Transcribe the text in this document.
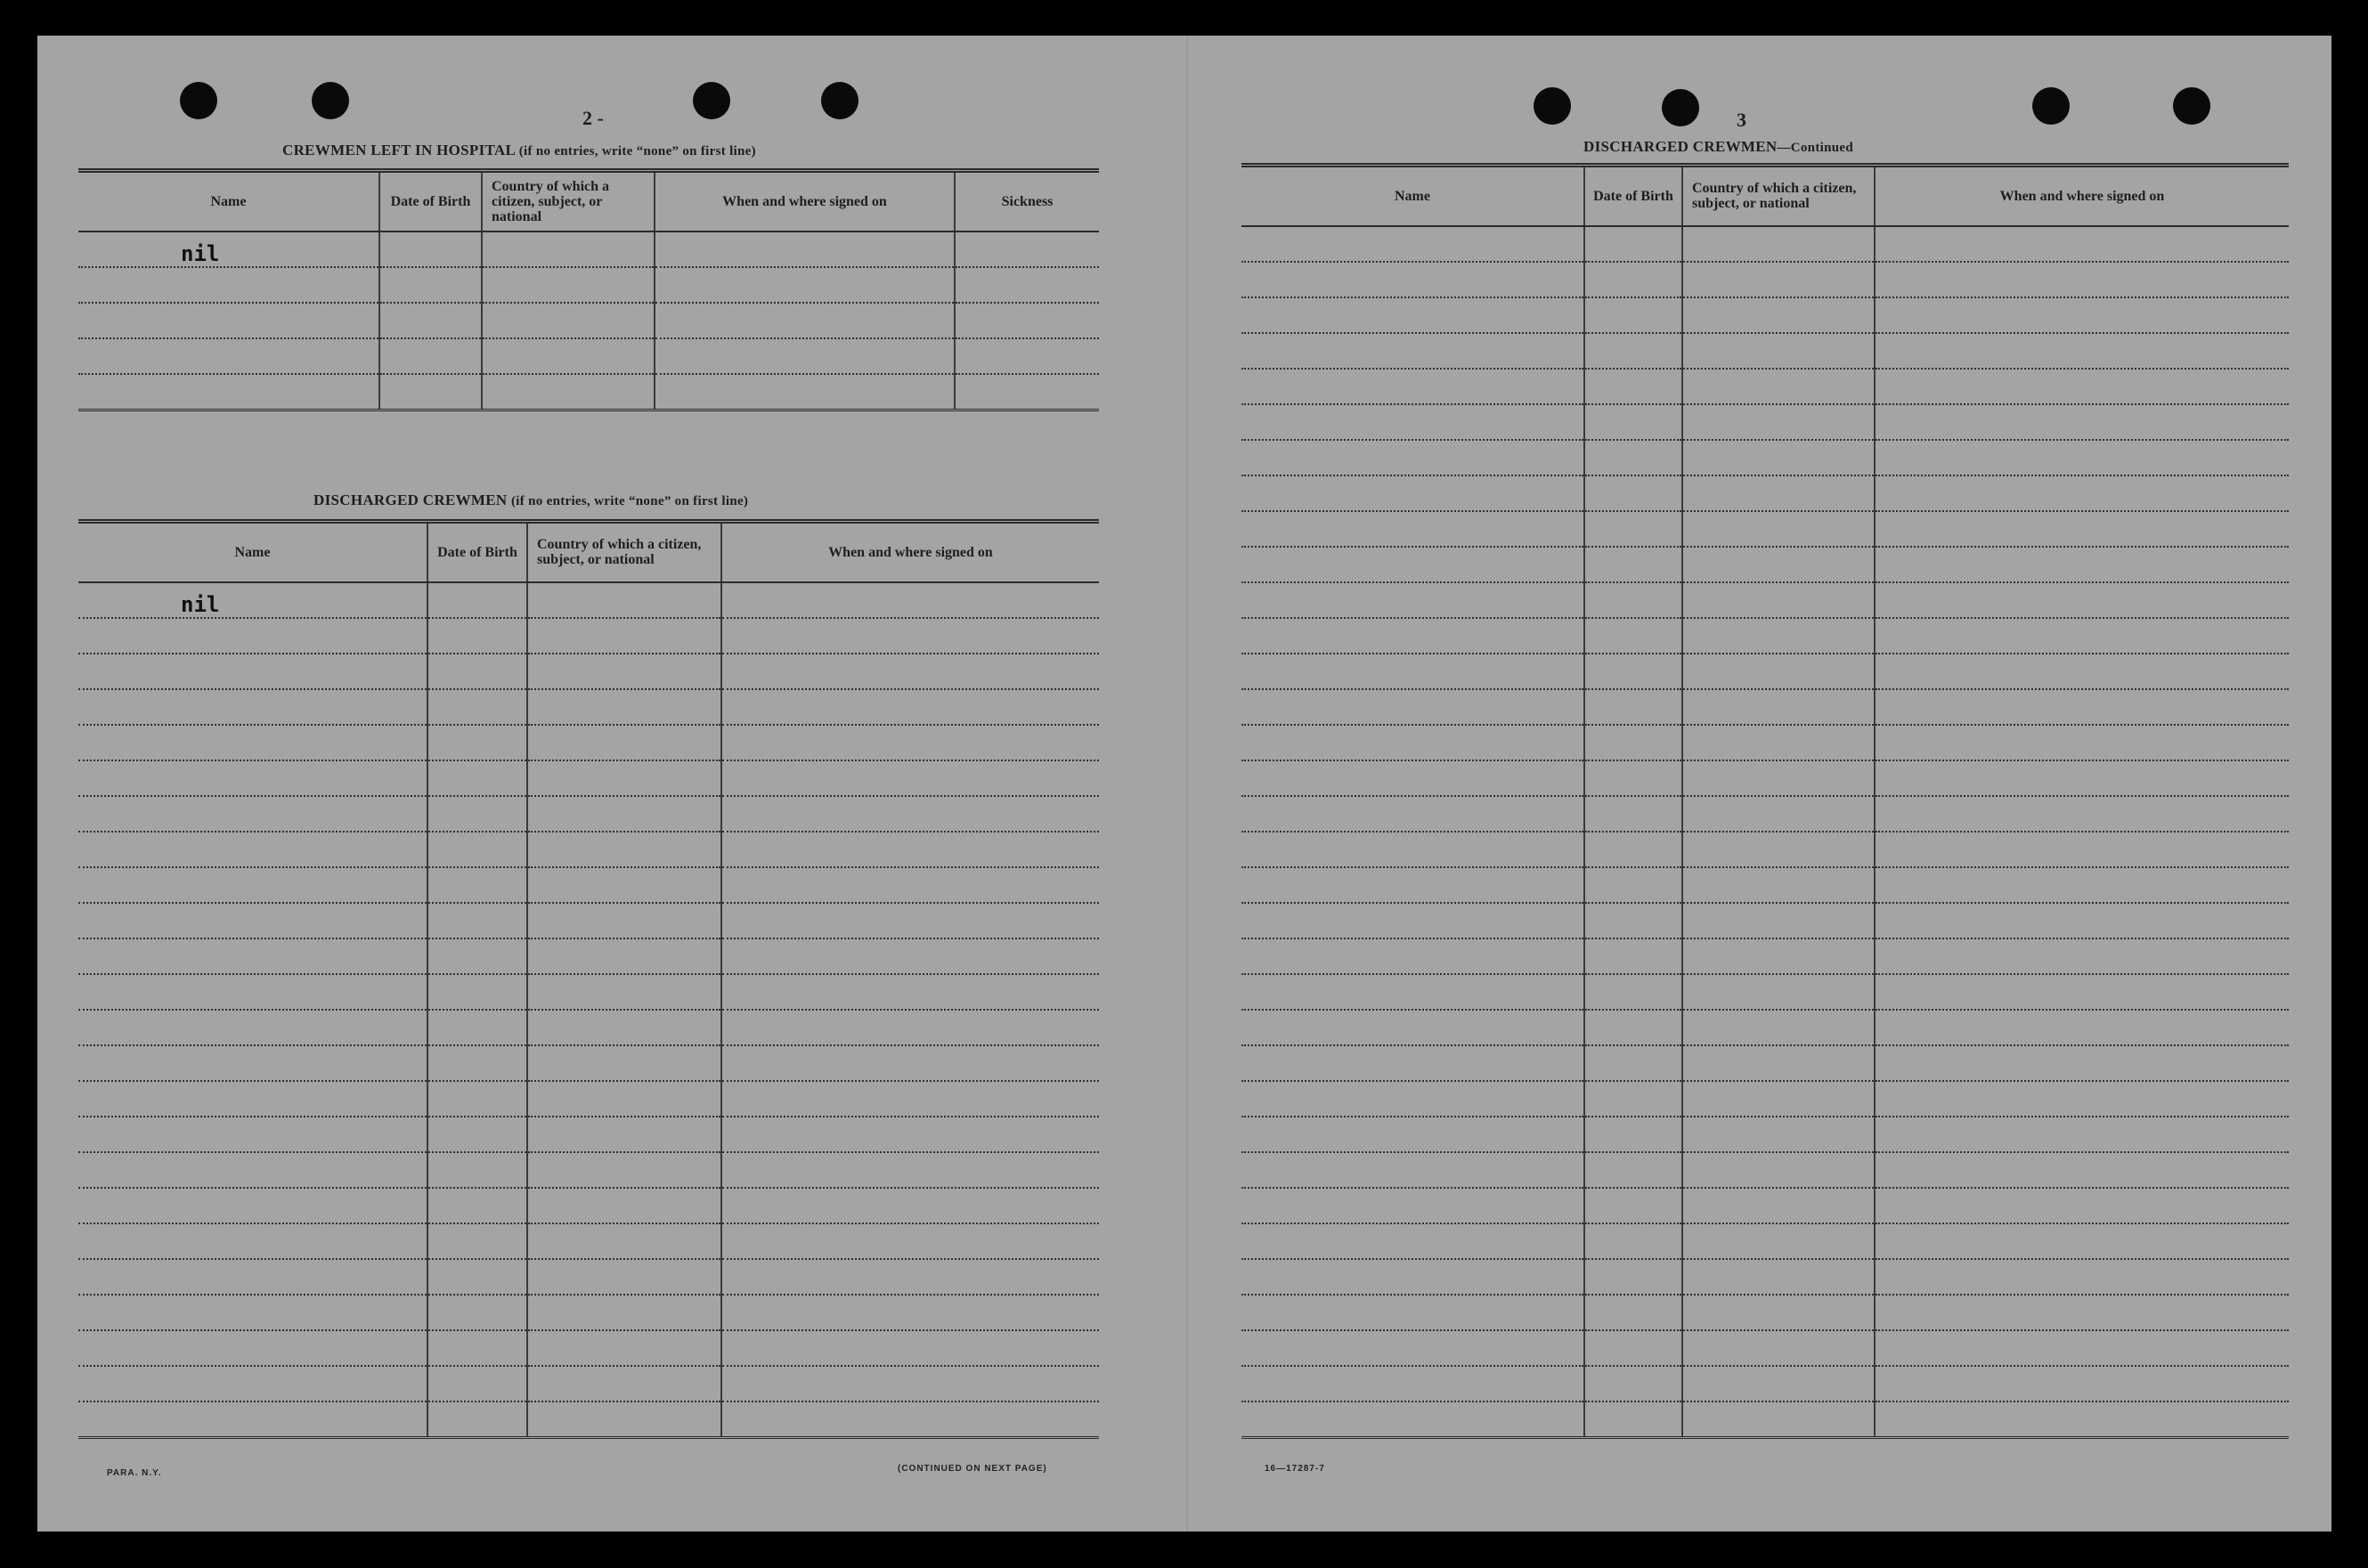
2 -
CREWMEN LEFT IN HOSPITAL (if no entries, write “none” on first line)
Name	Date of Birth	Country of which a citizen, subject, or national	When and where signed on	Sickness
nil				

DISCHARGED CREWMEN (if no entries, write “none” on first line)
Name	Date of Birth	Country of which a citizen, subject, or national	When and where signed on
nil			

PARA. N.Y.	(CONTINUED ON NEXT PAGE)
3
DISCHARGED CREWMEN—Continued
Name	Date of Birth	Country of which a citizen, subject, or national	When and where signed on

16—17287-7
